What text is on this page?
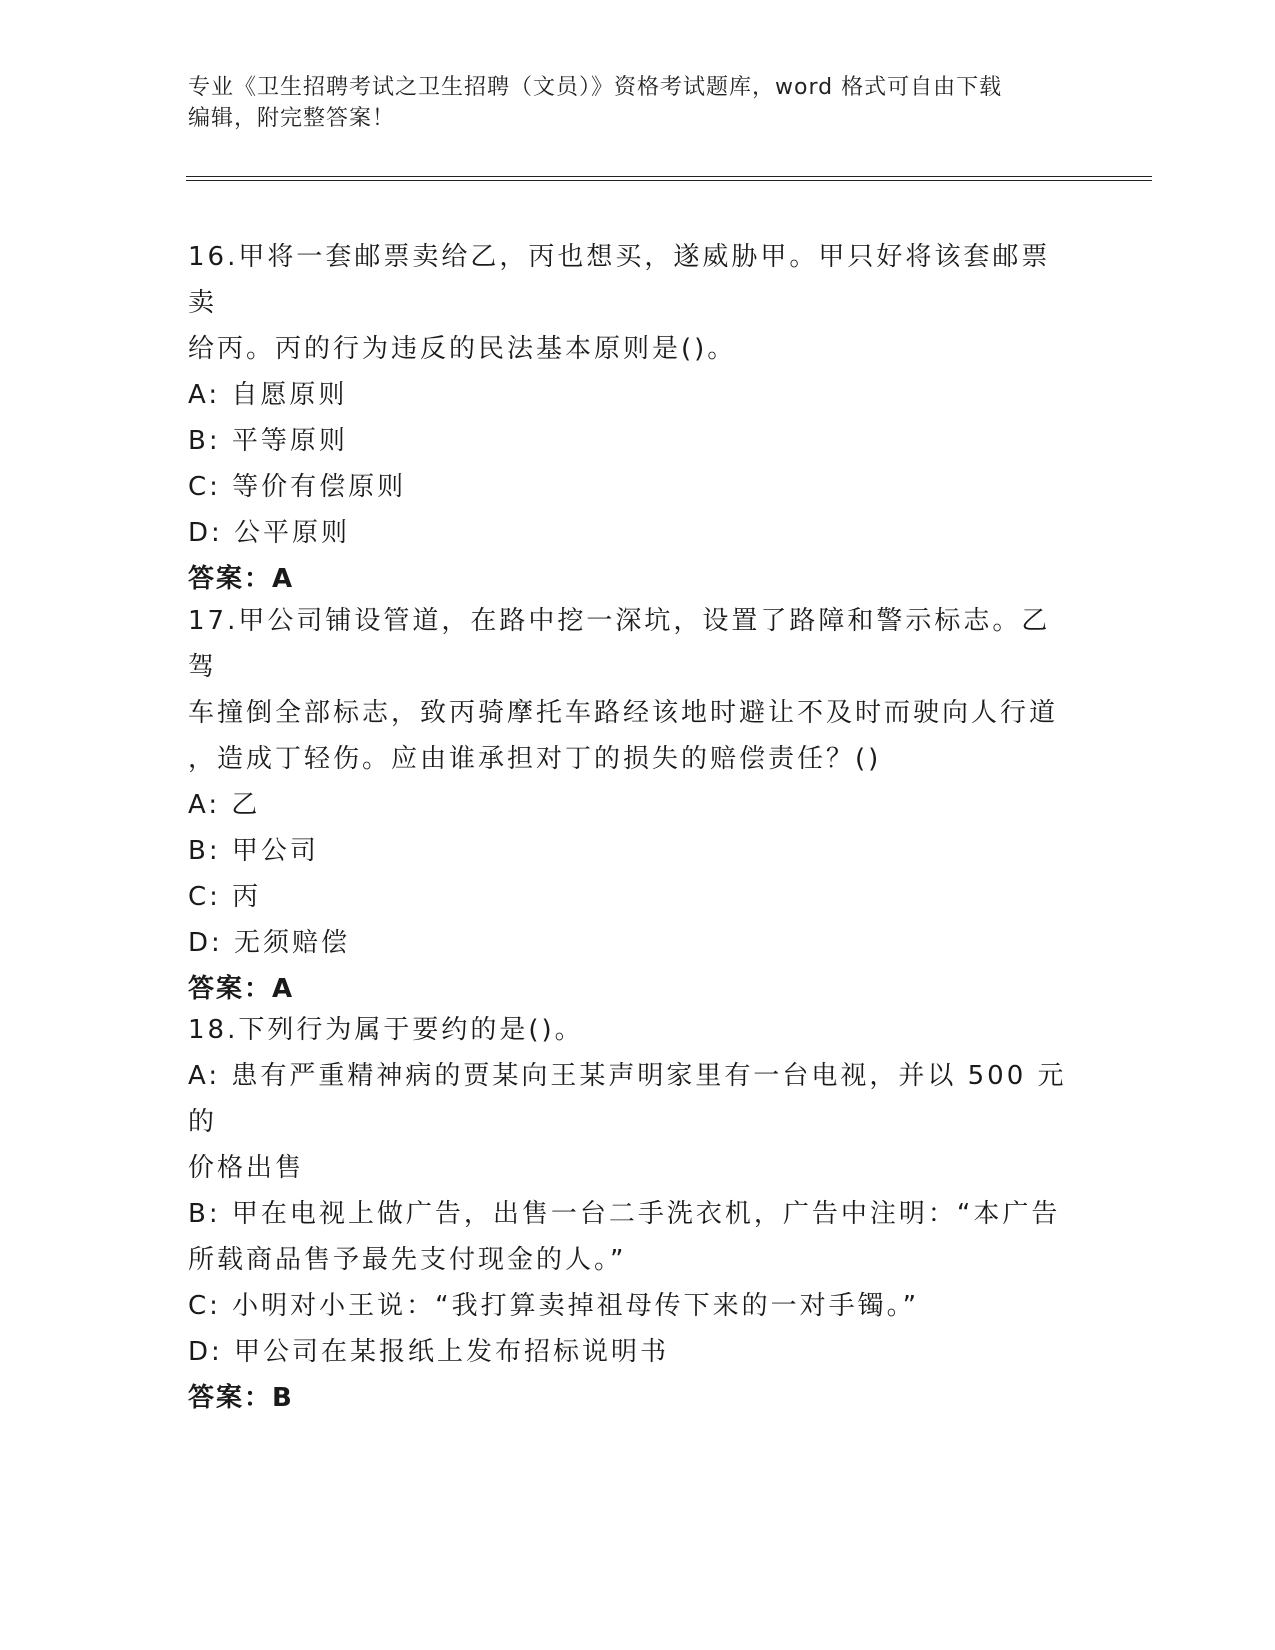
专业《卫生招聘考试之卫生招聘（文员）》资格考试题库，word 格式可自由下载
编辑，附完整答案！
16.甲将一套邮票卖给乙，丙也想买，遂威胁甲。甲只好将该套邮票卖
给丙。丙的行为违反的民法基本原则是()。
A: 自愿原则
B: 平等原则
C: 等价有偿原则
D: 公平原则
答案：A
17.甲公司铺设管道，在路中挖一深坑，设置了路障和警示标志。乙驾
车撞倒全部标志，致丙骑摩托车路经该地时避让不及时而驶向人行道
，造成丁轻伤。应由谁承担对丁的损失的赔偿责任？()
A: 乙
B: 甲公司
C: 丙
D: 无须赔偿
答案：A
18.下列行为属于要约的是()。
A: 患有严重精神病的贾某向王某声明家里有一台电视，并以 500 元的
价格出售
B: 甲在电视上做广告，出售一台二手洗衣机，广告中注明：“本广告
所载商品售予最先支付现金的人。”
C: 小明对小王说：“我打算卖掉祖母传下来的一对手镯。”
D: 甲公司在某报纸上发布招标说明书
答案：B
